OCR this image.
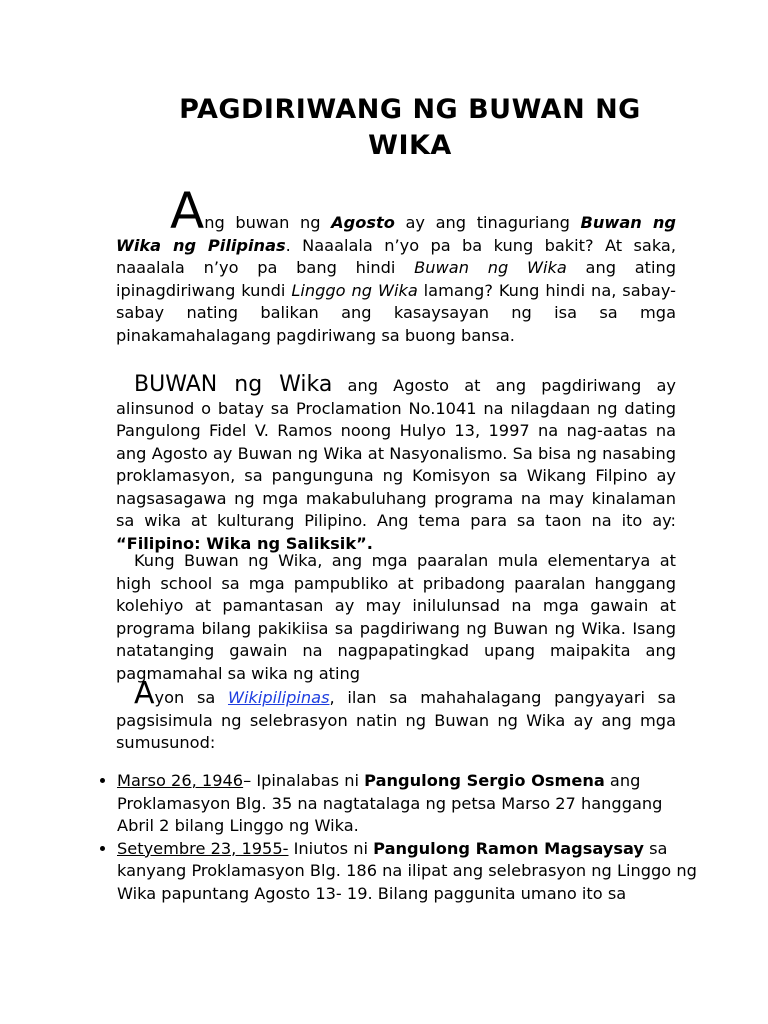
PAGDIRIWANG NG BUWAN NG
WIKA

Ang buwan ng Agosto ay ang tinaguriang Buwan ng Wika ng Pilipinas. Naaalala n’yo pa ba kung bakit? At saka, naaalala n’yo pa bang hindi Buwan ng Wika ang ating ipinagdiriwang kundi Linggo ng Wika lamang? Kung hindi na, sabay-sabay nating balikan ang kasaysayan ng isa sa mga pinakamahalagang pagdiriwang sa buong bansa.

BUWAN ng Wika ang Agosto at ang pagdiriwang ay alinsunod o batay sa Proclamation No.1041 na nilagdaan ng dating Pangulong Fidel V. Ramos noong Hulyo 13, 1997 na nag-aatas na ang Agosto ay Buwan ng Wika at Nasyonalismo. Sa bisa ng nasabing proklamasyon, sa pangunguna ng Komisyon sa Wikang Filpino ay nagsasagawa ng mga makabuluhang programa na may kinalaman sa wika at kulturang Pilipino. Ang tema para sa taon na ito ay: “Filipino: Wika ng Saliksik”.

Kung Buwan ng Wika, ang mga paaralan mula elementarya at high school sa mga pampubliko at pribadong paaralan hanggang kolehiyo at pamantasan ay may inilulunsad na mga gawain at programa bilang pakikiisa sa pagdiriwang ng Buwan ng Wika. Isang natatanging gawain na nagpapatingkad upang maipakita ang pagmamahal sa wika ng ating

Ayon sa Wikipilipinas, ilan sa mahahalagang pangyayari sa pagsisimula ng selebrasyon natin ng Buwan ng Wika ay ang mga sumusunod:

• Marso 26, 1946– Ipinalabas ni Pangulong Sergio Osmena ang Proklamasyon Blg. 35 na nagtatalaga ng petsa Marso 27 hanggang Abril 2 bilang Linggo ng Wika.
• Setyembre 23, 1955- Iniutos ni Pangulong Ramon Magsaysay sa kanyang Proklamasyon Blg. 186 na ilipat ang selebrasyon ng Linggo ng Wika papuntang Agosto 13- 19. Bilang paggunita umano ito sa
